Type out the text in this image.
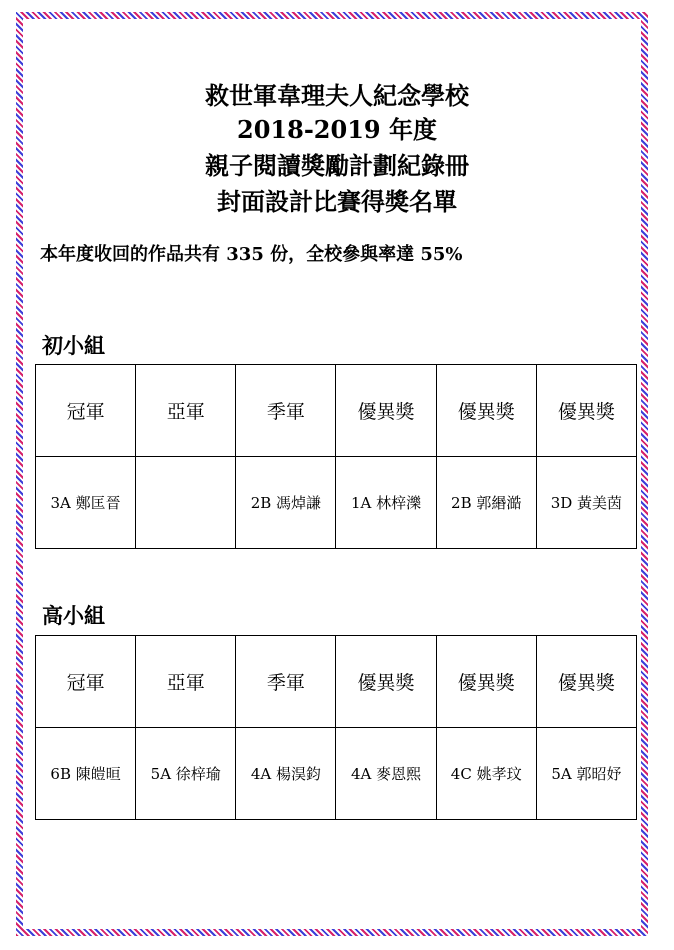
救世軍韋理夫人紀念學校
2018-2019 年度
親子閱讀獎勵計劃紀錄冊
封面設計比賽得獎名單
本年度收回的作品共有 335 份，全校參與率達 55%
初小組
冠軍	亞軍	季軍	優異獎	優異獎	優異獎
3A 鄭匡晉		2B 馮焯謙	1A 林梓濼	2B 郭緡澔	3D 黃美茵
高小組
冠軍	亞軍	季軍	優異獎	優異獎	優異獎
6B 陳皚晅	5A 徐梓瑜	4A 楊淏鈞	4A 麥恩熙	4C 姚孝玟	5A 郭昭妤
